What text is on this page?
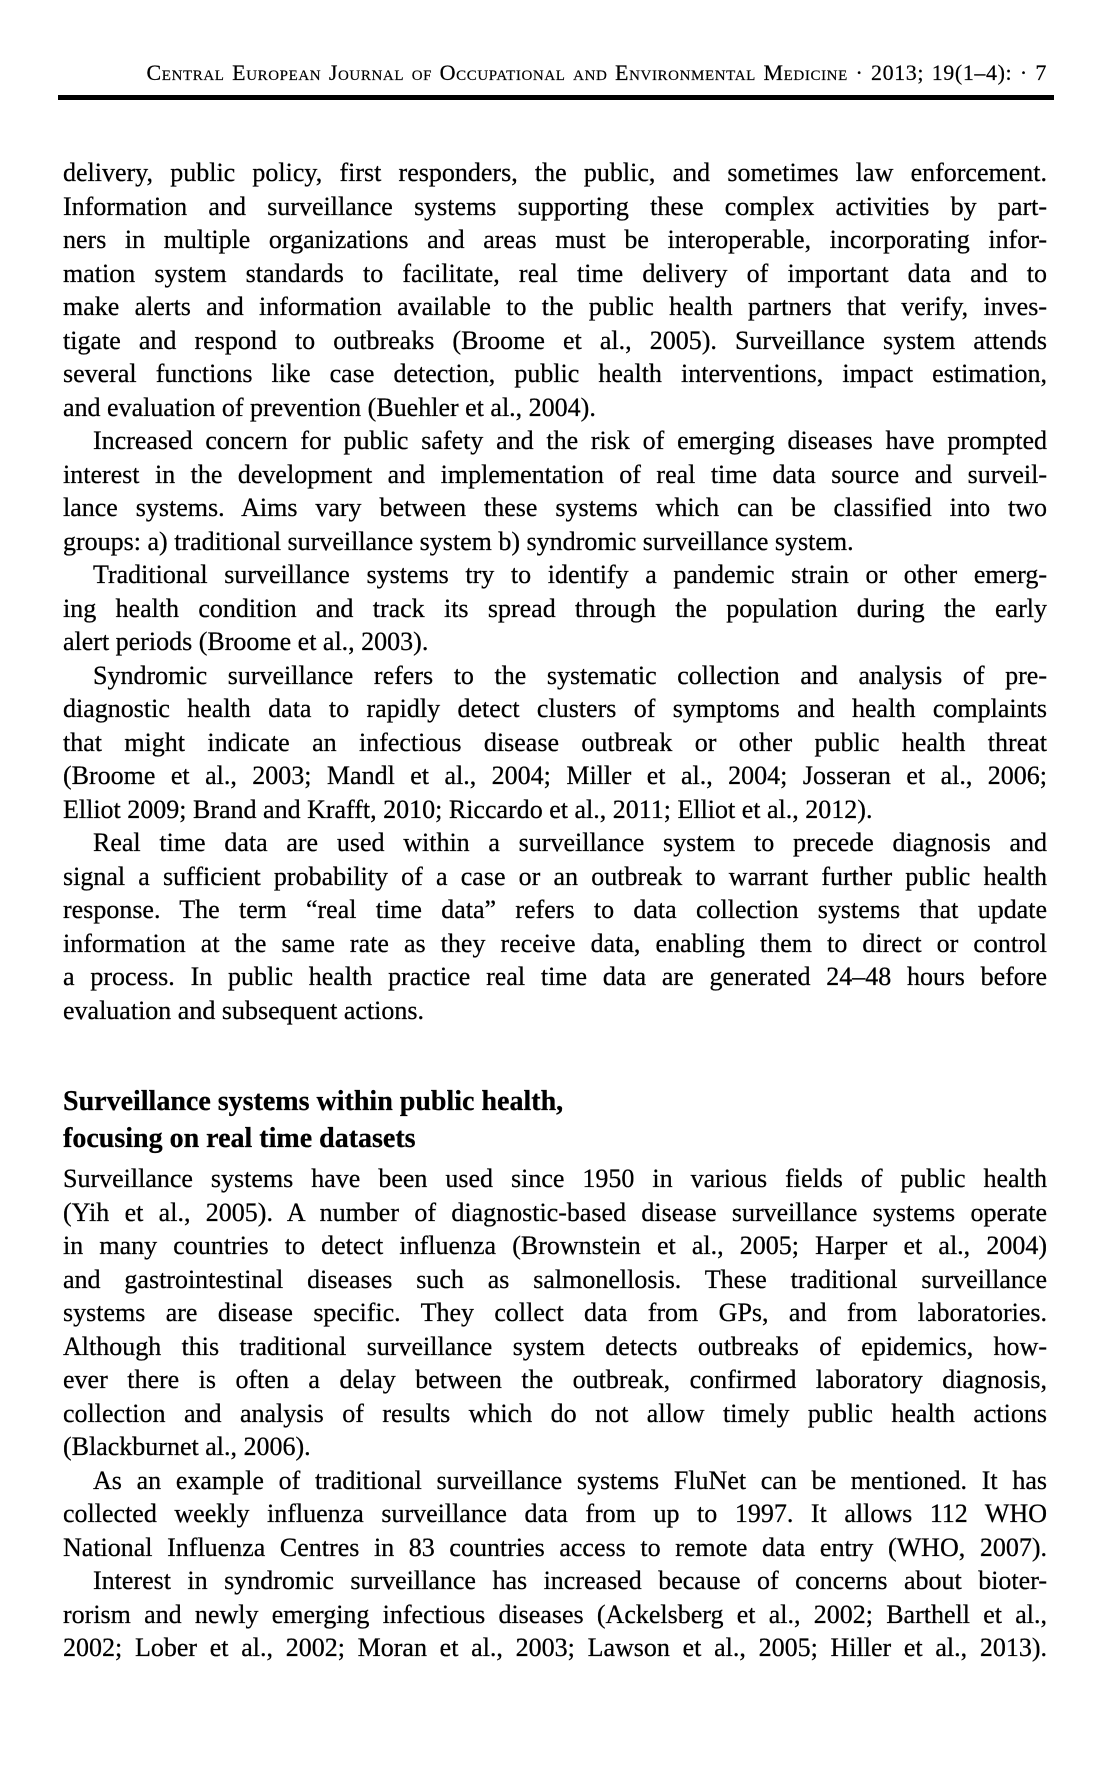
Central European Journal of Occupational and Environmental Medicine · 2013; 19(1–4): · 7
delivery, public policy, first responders, the public, and sometimes law enforcement.
Information and surveillance systems supporting these complex activities by part-
ners in multiple organizations and areas must be interoperable, incorporating infor-
mation system standards to facilitate, real time delivery of important data and to
make alerts and information available to the public health partners that verify, inves-
tigate and respond to outbreaks (Broome et al., 2005). Surveillance system attends
several functions like case detection, public health interventions, impact estimation,
and evaluation of prevention (Buehler et al., 2004).
Increased concern for public safety and the risk of emerging diseases have prompted
interest in the development and implementation of real time data source and surveil-
lance systems. Aims vary between these systems which can be classified into two
groups: a) traditional surveillance system b) syndromic surveillance system.
Traditional surveillance systems try to identify a pandemic strain or other emerg-
ing health condition and track its spread through the population during the early
alert periods (Broome et al., 2003).
Syndromic surveillance refers to the systematic collection and analysis of pre-
diagnostic health data to rapidly detect clusters of symptoms and health complaints
that might indicate an infectious disease outbreak or other public health threat
(Broome et al., 2003; Mandl et al., 2004; Miller et al., 2004; Josseran et al., 2006;
Elliot 2009; Brand and Krafft, 2010; Riccardo et al., 2011; Elliot et al., 2012).
Real time data are used within a surveillance system to precede diagnosis and
signal a sufficient probability of a case or an outbreak to warrant further public health
response. The term “real time data” refers to data collection systems that update
information at the same rate as they receive data, enabling them to direct or control
a process. In public health practice real time data are generated 24–48 hours before
evaluation and subsequent actions.
Surveillance systems within public health,
focusing on real time datasets
Surveillance systems have been used since 1950 in various fields of public health
(Yih et al., 2005). A number of diagnostic-based disease surveillance systems operate
in many countries to detect influenza (Brownstein et al., 2005; Harper et al., 2004)
and gastrointestinal diseases such as salmonellosis. These traditional surveillance
systems are disease specific. They collect data from GPs, and from laboratories.
Although this traditional surveillance system detects outbreaks of epidemics, how-
ever there is often a delay between the outbreak, confirmed laboratory diagnosis,
collection and analysis of results which do not allow timely public health actions
(Blackburnet al., 2006).
As an example of traditional surveillance systems FluNet can be mentioned. It has
collected weekly influenza surveillance data from up to 1997. It allows 112 WHO
National Influenza Centres in 83 countries access to remote data entry (WHO, 2007).
Interest in syndromic surveillance has increased because of concerns about bioter-
rorism and newly emerging infectious diseases (Ackelsberg et al., 2002; Barthell et al.,
2002; Lober et al., 2002; Moran et al., 2003; Lawson et al., 2005; Hiller et al., 2013).
